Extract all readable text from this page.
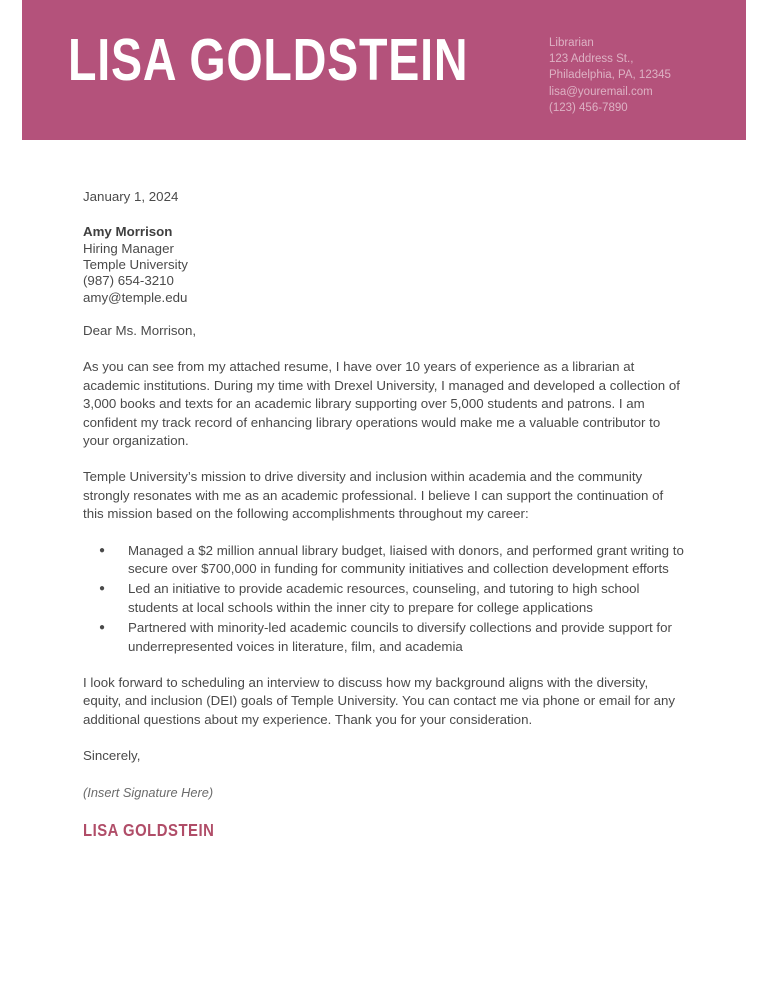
LISA GOLDSTEIN	Librarian
123 Address St.,
Philadelphia, PA, 12345
lisa@youremail.com
(123) 456-7890

January 1, 2024

Amy Morrison
Hiring Manager
Temple University
(987) 654-3210
amy@temple.edu

Dear Ms. Morrison,

As you can see from my attached resume, I have over 10 years of experience as a librarian at academic institutions. During my time with Drexel University, I managed and developed a collection of 3,000 books and texts for an academic library supporting over 5,000 students and patrons. I am confident my track record of enhancing library operations would make me a valuable contributor to your organization.

Temple University’s mission to drive diversity and inclusion within academia and the community strongly resonates with me as an academic professional. I believe I can support the continuation of this mission based on the following accomplishments throughout my career:

● Managed a $2 million annual library budget, liaised with donors, and performed grant writing to secure over $700,000 in funding for community initiatives and collection development efforts
● Led an initiative to provide academic resources, counseling, and tutoring to high school students at local schools within the inner city to prepare for college applications
● Partnered with minority-led academic councils to diversify collections and provide support for underrepresented voices in literature, film, and academia

I look forward to scheduling an interview to discuss how my background aligns with the diversity, equity, and inclusion (DEI) goals of Temple University. You can contact me via phone or email for any additional questions about my experience. Thank you for your consideration.

Sincerely,

(Insert Signature Here)

LISA GOLDSTEIN
